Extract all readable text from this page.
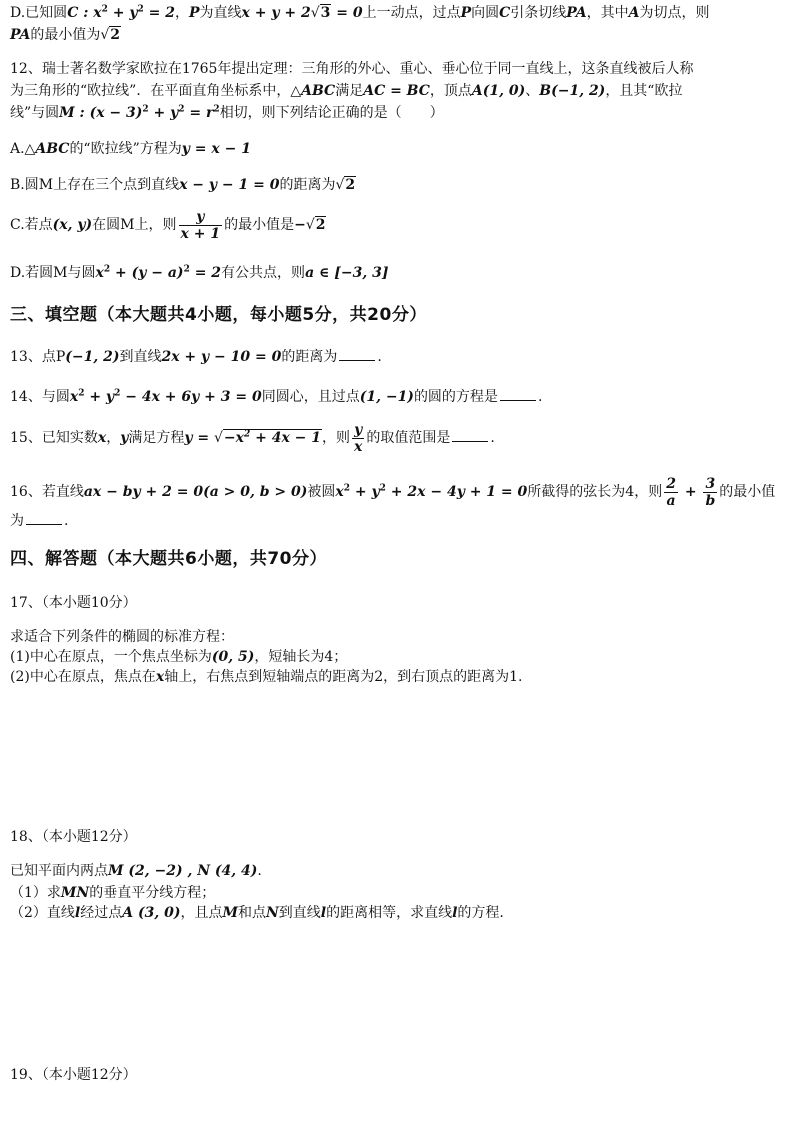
D.已知圆C : $x^2 + y^2 = 2$，P为直线x + y + 2√3 = 0上一动点，过点P向圆C引条切线PA，其中A为切点，则
PA的最小值为√2
12、瑞士著名数学家欧拉在1765年提出定理：三角形的外心、重心、垂心位于同一直线上，这条直线被后人称
为三角形的“欧拉线”．在平面直角坐标系中，△ABC满足AC = BC，顶点A(1, 0)、B(−1, 2)，且其“欧拉
线”与圆M : $(x - 3)^2 + y^2 = r^2$相切，则下列结论正确的是（　　）
A.△ABC的“欧拉线”方程为y = x − 1
B.圆M上存在三个点到直线x − y − 1 = 0的距离为√2
C.若点(x, y)在圆M上，则 $\frac{y}{x + 1}$ 的最小值是−√2
D.若圆M与圆$x^2 + (y - a)^2 = 2$有公共点，则a ∈ [−3, 3]
三、填空题（本大题共4小题，每小题5分，共20分）
13、点P(−1, 2)到直线2x + y − 10 = 0的距离为	.
14、与圆$x^2 + y^2 - 4x + 6y + 3 = 0$同圆心，且过点(1, −1)的圆的方程是	.
15、已知实数x，y满足方程$y = √-x^2 + 4x - 1$，则 $\frac{y}{x}$ 的取值范围是	.
16、若直线ax − by + 2 = 0(a > 0, b > 0)被圆$x^2 + y^2 + 2x - 4y + 1 = 0$所截得的弦长为4，则 $\frac{2}{a} + \frac{3}{b}$ 的最小值
为	.
四、解答题（本大题共6小题，共70分）
17、（本小题10分）
求适合下列条件的椭圆的标准方程：
(1)中心在原点，一个焦点坐标为(0, 5)，短轴长为4；
(2)中心在原点，焦点在x轴上，右焦点到短轴端点的距离为2，到右顶点的距离为1.
18、（本小题12分）
已知平面内两点M (2, −2) , N (4, 4).
（1）求MN的垂直平分线方程；
（2）直线l经过点A (3, 0)，且点M和点N到直线l的距离相等，求直线l的方程.
19、（本小题12分）
